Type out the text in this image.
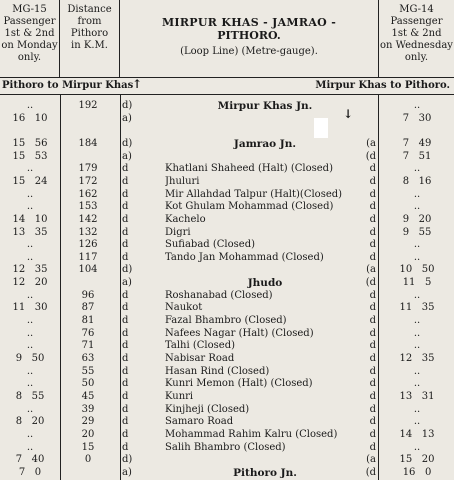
MG-15
Passenger
1st & 2nd
on Monday
only.
Distance
from
Pithoro
in K.M.
MIRPUR KHAS - JAMRAO -
PITHORO.
(Loop Line) (Metre-gauge).
MG-14
Passenger
1st & 2nd
on Wednesday
only.
Pithoro to Mirpur Khas
↑	Mirpur Khas to Pithoro.
↓
..	192	d)	Mirpur Khas Jn.	..
16   10	a)	7   30
15   56	184	d)	Jamrao Jn.	(a	7   49
15   53	a)	(d	7   51
..	179	d	Khatlani Shaheed (Halt) (Closed)	d	..
15   24	172	d	Jhuluri	d	8   16
..	162	d	Mir Allahdad Talpur (Halt)(Closed)	d	..
..	153	d	Kot Ghulam Mohammad (Closed)	d	..
14   10	142	d	Kachelo	d	9   20
13   35	132	d	Digri	d	9   55
..	126	d	Sufiabad (Closed)	d	..
..	117	d	Tando Jan Mohammad (Closed)	d	..
12   35	104	d)	(a	10   50
12   20	a)	Jhudo	(d	11   5
..	96	d	Roshanabad (Closed)	d	..
11   30	87	d	Naukot	d	11   35
..	81	d	Fazal Bhambro (Closed)	d	..
..	76	d	Nafees Nagar (Halt) (Closed)	d	..
..	71	d	Talhi (Closed)	d	..
9   50	63	d	Nabisar Road	d	12   35
..	55	d	Hasan Rind (Closed)	d	..
..	50	d	Kunri Memon (Halt) (Closed)	d	..
8   55	45	d	Kunri	d	13   31
..	39	d	Kinjheji (Closed)	d	..
8   20	29	d	Samaro Road	d	..
..	20	d	Mohammad Rahim Kalru (Closed)	d	14   13
..	15	d	Salih Bhambro (Closed)	d	..
7   40	0	d)	(a	15   20
7   0	a)	Pithoro Jn.	(d	16   0
